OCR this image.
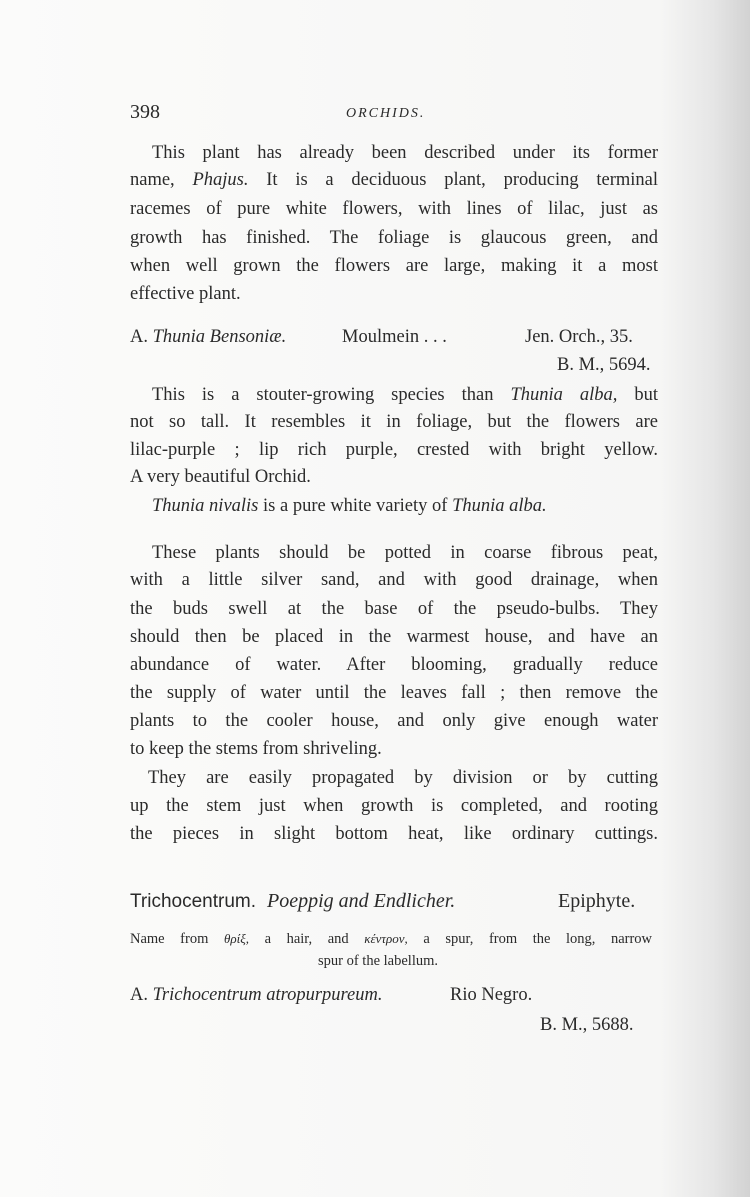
398	ORCHIDS.
This plant has already been described under its former
name, Phajus. It is a deciduous plant, producing terminal
racemes of pure white flowers, with lines of lilac, just as
growth has finished. The foliage is glaucous green, and
when well grown the flowers are large, making it a most
effective plant.
A. Thunia Bensoniæ.	Moulmein . . .	Jen. Orch., 35.
B. M., 5694.
This is a stouter-growing species than Thunia alba, but
not so tall. It resembles it in foliage, but the flowers are
lilac-purple ; lip rich purple, crested with bright yellow.
A very beautiful Orchid.
Thunia nivalis is a pure white variety of Thunia alba.
These plants should be potted in coarse fibrous peat,
with a little silver sand, and with good drainage, when
the buds swell at the base of the pseudo-bulbs. They
should then be placed in the warmest house, and have an
abundance of water. After blooming, gradually reduce
the supply of water until the leaves fall ; then remove the
plants to the cooler house, and only give enough water
to keep the stems from shriveling.
They are easily propagated by division or by cutting
up the stem just when growth is completed, and rooting
the pieces in slight bottom heat, like ordinary cuttings.
Trichocentrum. Poeppig and Endlicher.	Epiphyte.
Name from θρίξ, a hair, and κέντρον, a spur, from the long, narrow
spur of the labellum.
A. Trichocentrum atropurpureum.	Rio Negro.
B. M., 5688.
